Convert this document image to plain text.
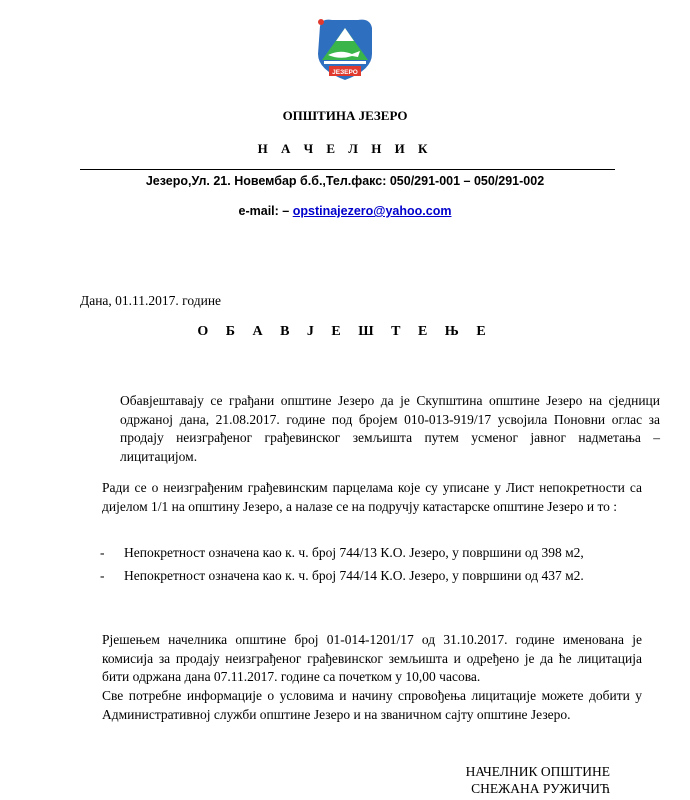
ЈЕЗЕРО
ОПШТИНА ЈЕЗЕРО
Н А Ч Е Л Н И К
Језеро,Ул. 21. Новембар б.б.,Тел.факс: 050/291-001 – 050/291-002
e-mail: – opstinajezero@yahoo.com
Дана, 01.11.2017. године
О Б А В Ј Е Ш Т Е Њ Е
Обавјештавају се грађани општине Језеро да је Скупштина општине Језеро на сједници одржаној дана, 21.08.2017. године под бројем 010-013-919/17 усвојила Поновни оглас за продају неизграђеног грађевинског земљишта путем усменог јавног надметања – лицитацијом.
Ради се о неизграђеним грађевинским парцелама које су уписане у Лист непокретности са дијелом 1/1 на општину Језеро, а налазе се на подручју катастарске општине Језеро и то :
- Непокретност означена као к. ч. број 744/13 К.О. Језеро, у површини од 398 м2,
- Непокретност означена као к. ч. број 744/14 К.О. Језеро, у површини од 437 м2.
Рјешењем начелника општине број 01-014-1201/17 од 31.10.2017. године именована је комисија за продају неизграђеног грађевинског земљишта и одређено је да ће лицитација бити одржана дана 07.11.2017. године са почетком у 10,00 часова.
Све потребне информације о условима и начину спровођења лицитације можете добити у Административној служби општине Језеро и на званичном сајту општине Језеро.
НАЧЕЛНИК ОПШТИНЕ
СНЕЖАНА РУЖИЧИЋ
